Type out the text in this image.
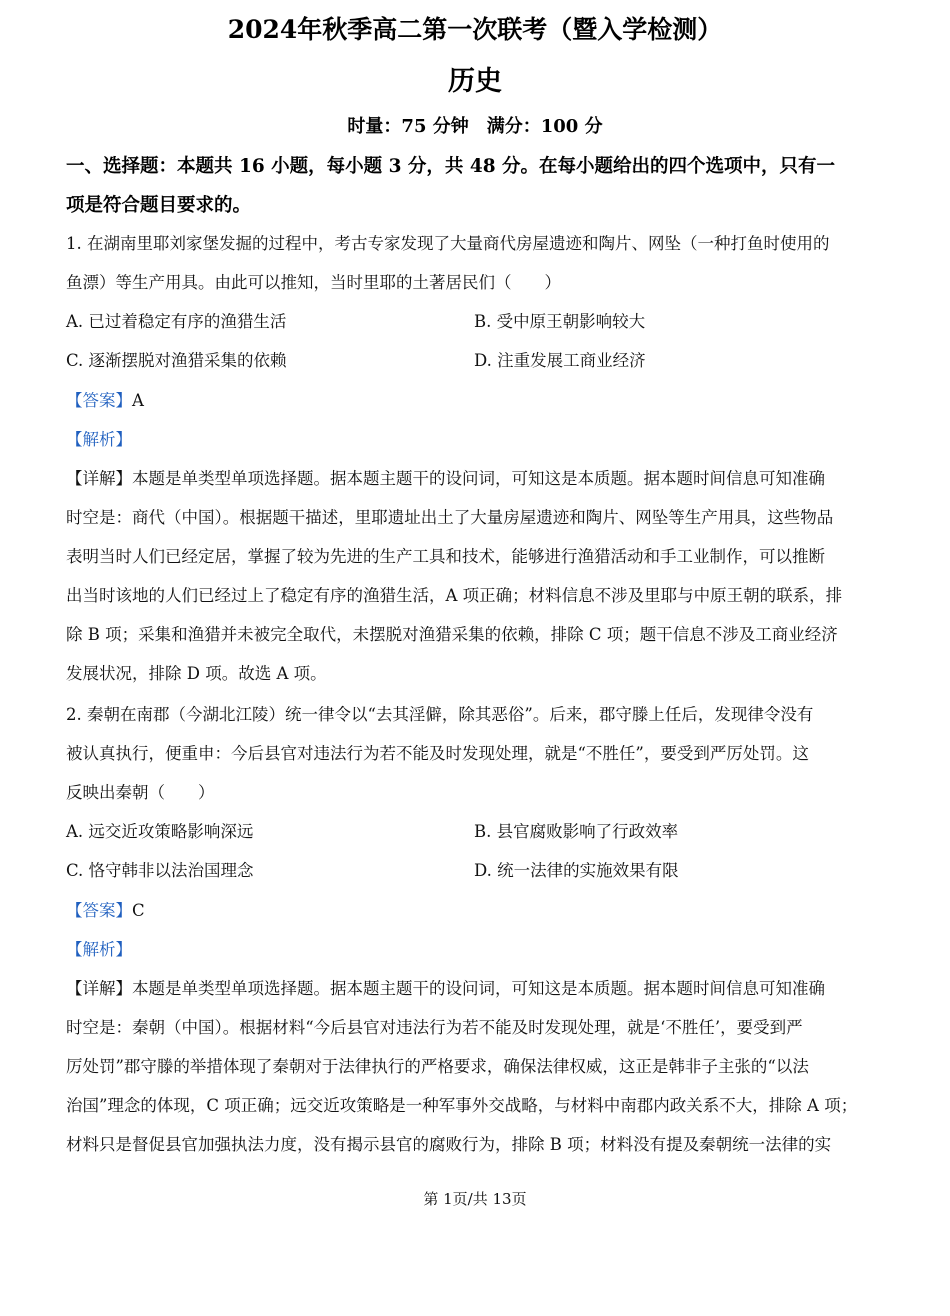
2024年秋季高二第一次联考（暨入学检测）
历史
时量：75 分钟　满分：100 分
一、选择题：本题共 16 小题，每小题 3 分，共 48 分。在每小题给出的四个选项中，只有一
项是符合题目要求的。
1. 在湖南里耶刘家堡发掘的过程中，考古专家发现了大量商代房屋遗迹和陶片、网坠（一种打鱼时使用的
鱼漂）等生产用具。由此可以推知，当时里耶的土著居民们（　　）
A. 已过着稳定有序的渔猎生活	B. 受中原王朝影响较大
C. 逐渐摆脱对渔猎采集的依赖	D. 注重发展工商业经济
【答案】A
【解析】
【详解】本题是单类型单项选择题。据本题主题干的设问词，可知这是本质题。据本题时间信息可知准确
时空是：商代（中国）。根据题干描述，里耶遗址出土了大量房屋遗迹和陶片、网坠等生产用具，这些物品
表明当时人们已经定居，掌握了较为先进的生产工具和技术，能够进行渔猎活动和手工业制作，可以推断
出当时该地的人们已经过上了稳定有序的渔猎生活，A 项正确；材料信息不涉及里耶与中原王朝的联系，排
除 B 项；采集和渔猎并未被完全取代，未摆脱对渔猎采集的依赖，排除 C 项；题干信息不涉及工商业经济
发展状况，排除 D 项。故选 A 项。
2. 秦朝在南郡（今湖北江陵）统一律令以“去其淫僻，除其恶俗”。后来，郡守滕上任后，发现律令没有
被认真执行，便重申：今后县官对违法行为若不能及时发现处理，就是“不胜任”，要受到严厉处罚。这
反映出秦朝（　　）
A. 远交近攻策略影响深远	B. 县官腐败影响了行政效率
C. 恪守韩非以法治国理念	D. 统一法律的实施效果有限
【答案】C
【解析】
【详解】本题是单类型单项选择题。据本题主题干的设问词，可知这是本质题。据本题时间信息可知准确
时空是：秦朝（中国）。根据材料“今后县官对违法行为若不能及时发现处理，就是‘不胜任’，要受到严
厉处罚”郡守滕的举措体现了秦朝对于法律执行的严格要求，确保法律权威，这正是韩非子主张的“以法
治国”理念的体现，C 项正确；远交近攻策略是一种军事外交战略，与材料中南郡内政关系不大，排除 A 项；
材料只是督促县官加强执法力度，没有揭示县官的腐败行为，排除 B 项；材料没有提及秦朝统一法律的实
第 1页/共 13页
